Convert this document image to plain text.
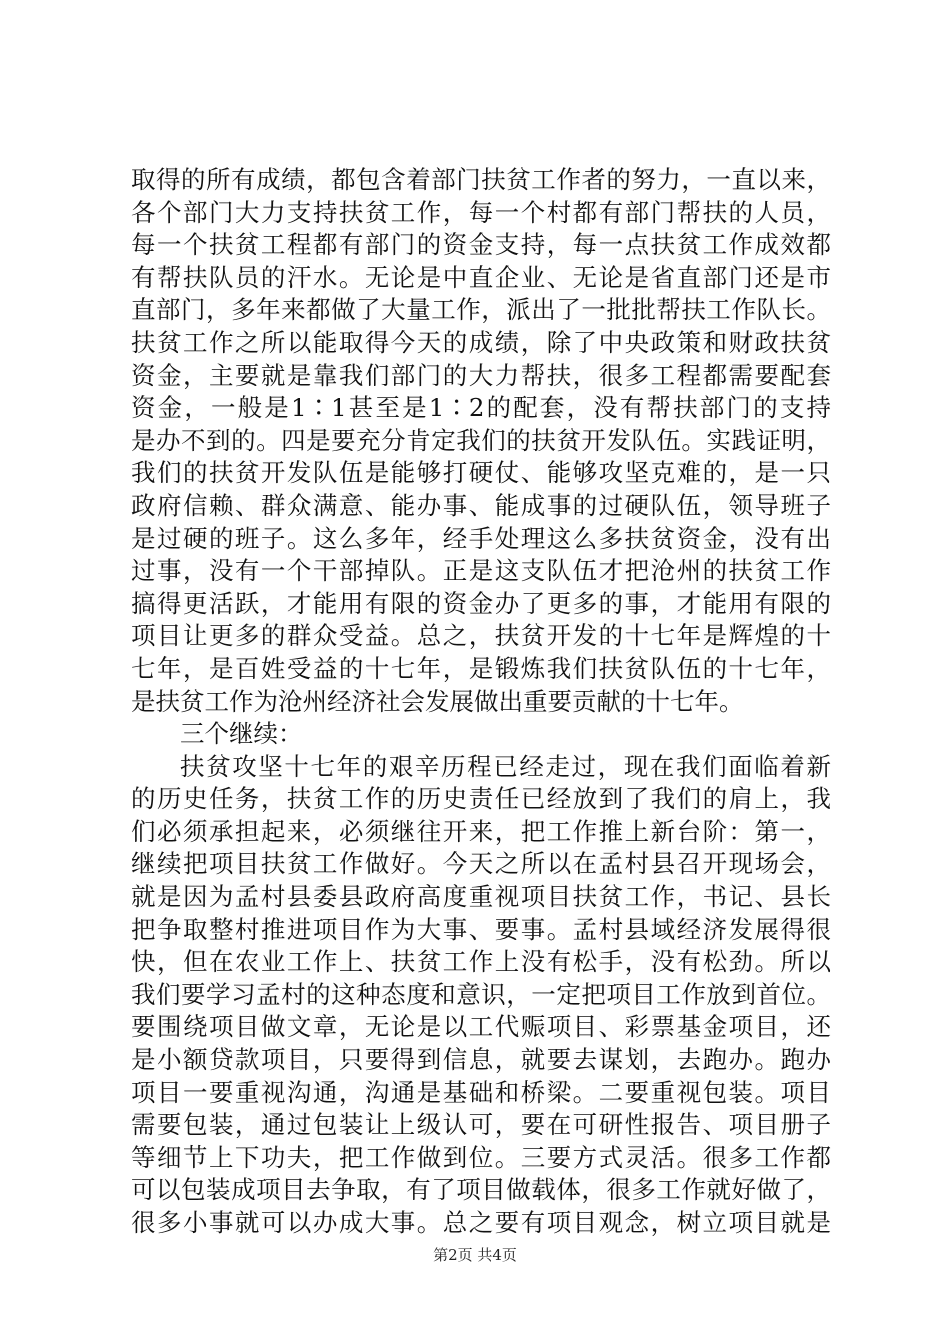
取得的所有成绩，都包含着部门扶贫工作者的努力，一直以来，
各个部门大力支持扶贫工作，每一个村都有部门帮扶的人员，
每一个扶贫工程都有部门的资金支持，每一点扶贫工作成效都
有帮扶队员的汗水。无论是中直企业、无论是省直部门还是市
直部门，多年来都做了大量工作，派出了一批批帮扶工作队长。
扶贫工作之所以能取得今天的成绩，除了中央政策和财政扶贫
资金，主要就是靠我们部门的大力帮扶，很多工程都需要配套
资金，一般是1∶1甚至是1∶2的配套，没有帮扶部门的支持
是办不到的。四是要充分肯定我们的扶贫开发队伍。实践证明，
我们的扶贫开发队伍是能够打硬仗、能够攻坚克难的，是一只
政府信赖、群众满意、能办事、能成事的过硬队伍，领导班子
是过硬的班子。这么多年，经手处理这么多扶贫资金，没有出
过事，没有一个干部掉队。正是这支队伍才把沧州的扶贫工作
搞得更活跃，才能用有限的资金办了更多的事，才能用有限的
项目让更多的群众受益。总之，扶贫开发的十七年是辉煌的十
七年，是百姓受益的十七年，是锻炼我们扶贫队伍的十七年，
是扶贫工作为沧州经济社会发展做出重要贡献的十七年。
三个继续：
扶贫攻坚十七年的艰辛历程已经走过，现在我们面临着新
的历史任务，扶贫工作的历史责任已经放到了我们的肩上，我
们必须承担起来，必须继往开来，把工作推上新台阶：第一，
继续把项目扶贫工作做好。今天之所以在孟村县召开现场会，
就是因为孟村县委县政府高度重视项目扶贫工作，书记、县长
把争取整村推进项目作为大事、要事。孟村县域经济发展得很
快，但在农业工作上、扶贫工作上没有松手，没有松劲。所以
我们要学习孟村的这种态度和意识，一定把项目工作放到首位。
要围绕项目做文章，无论是以工代赈项目、彩票基金项目，还
是小额贷款项目，只要得到信息，就要去谋划，去跑办。跑办
项目一要重视沟通，沟通是基础和桥梁。二要重视包装。项目
需要包装，通过包装让上级认可，要在可研性报告、项目册子
等细节上下功夫，把工作做到位。三要方式灵活。很多工作都
可以包装成项目去争取，有了项目做载体，很多工作就好做了，
很多小事就可以办成大事。总之要有项目观念，树立项目就是
第2页 共4页
